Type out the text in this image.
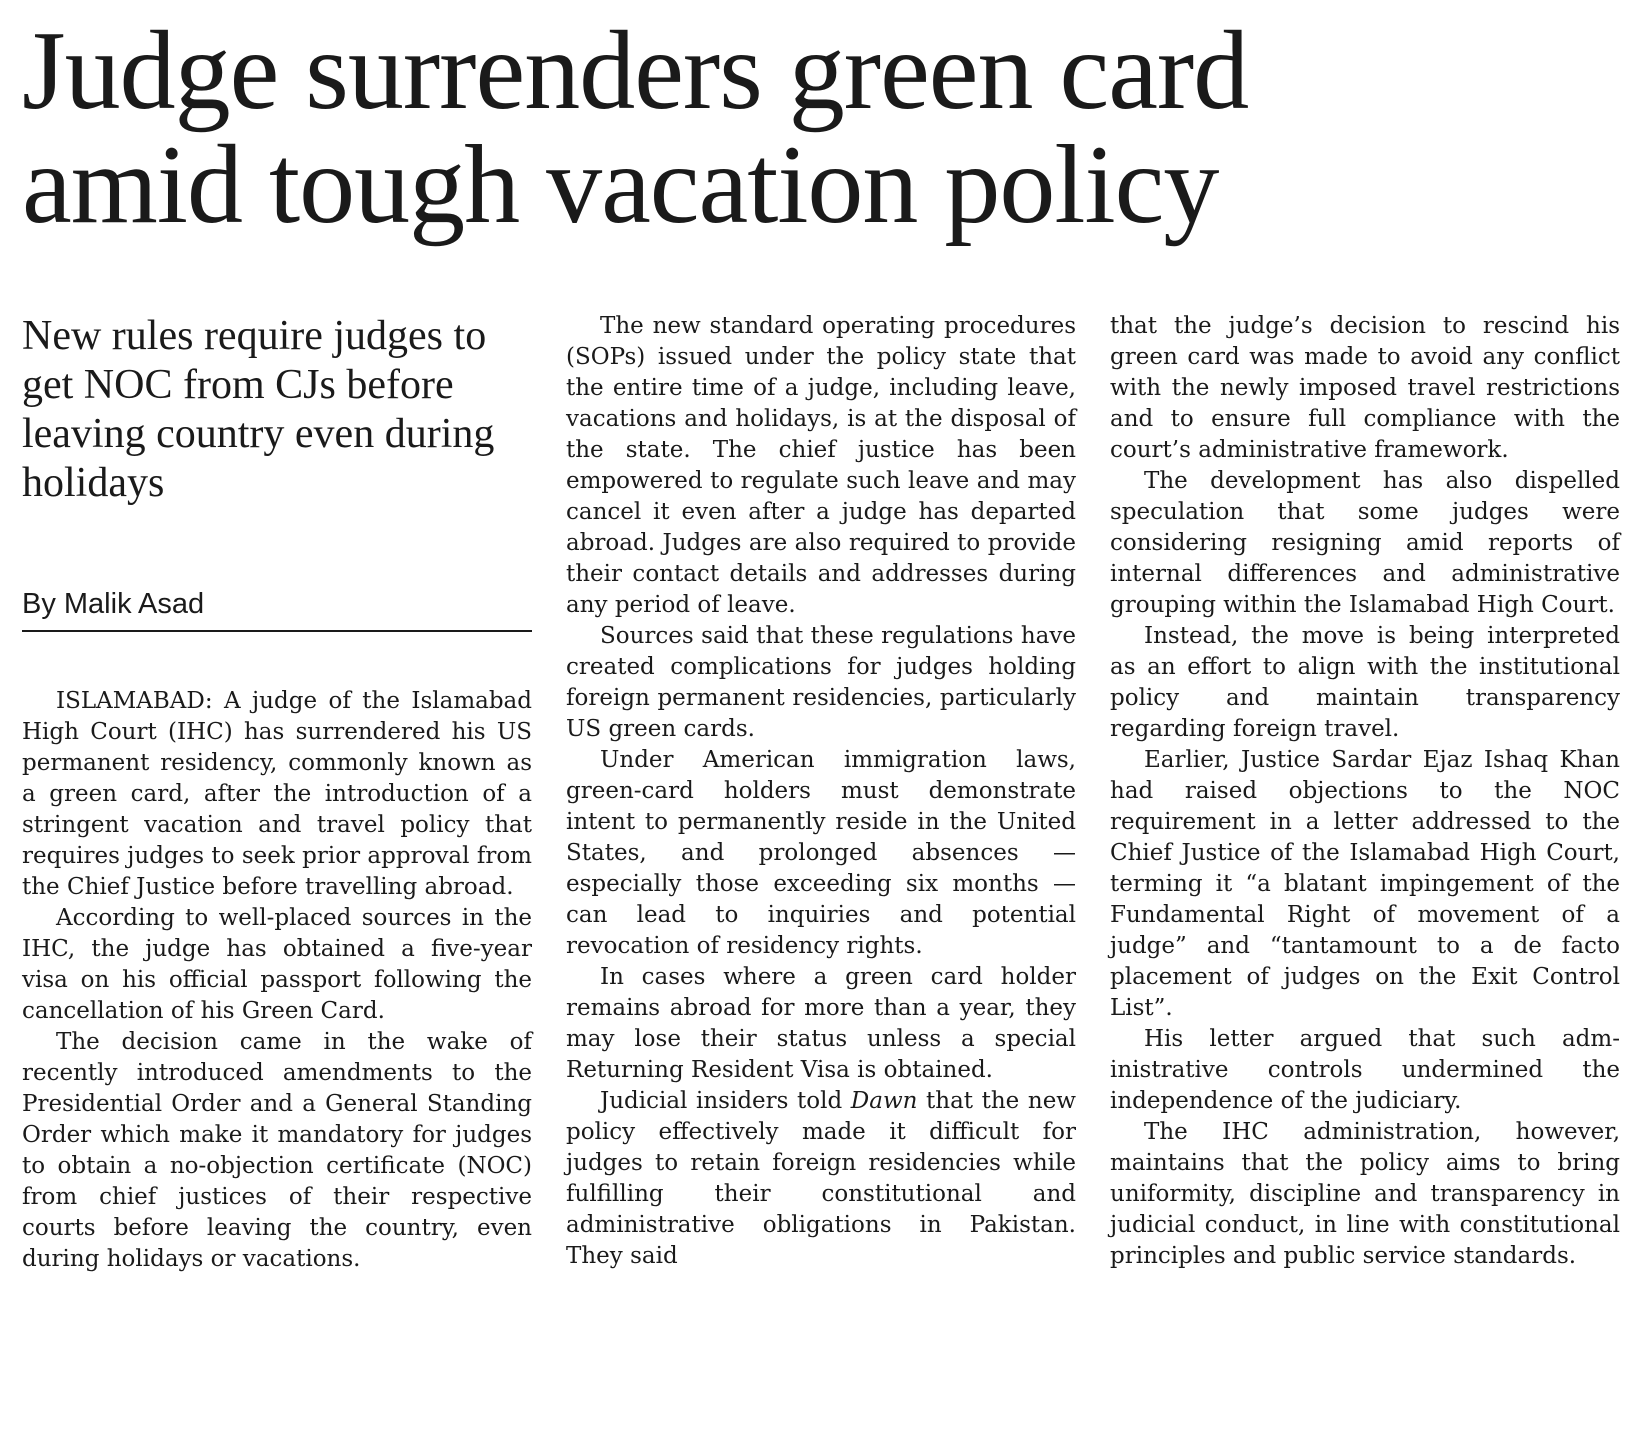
Judge surrenders green card
amid tough vacation policy

New rules require judges to get NOC from CJs before leaving country even during holidays

By Malik Asad

ISLAMABAD: A judge of the Islamabad High Court (IHC) has surrendered his US permanent residency, commonly known as a green card, after the introduction of a stringent vacation and travel policy that requires judges to seek prior approval from the Chief Justice before travelling abroad.

According to well-placed sources in the IHC, the judge has obtained a five-year visa on his official passport following the cancellation of his Green Card.

The decision came in the wake of recently introduced amendments to the Presidential Order and a General Standing Order which make it mandatory for judges to obtain a no-objection certificate (NOC) from chief justices of their respective courts before leaving the country, even during holidays or vacations.

The new standard operating procedures (SOPs) issued under the policy state that the entire time of a judge, including leave, vacations and holidays, is at the disposal of the state. The chief justice has been empowered to regulate such leave and may cancel it even after a judge has departed abroad. Judges are also required to provide their contact details and addresses during any period of leave.

Sources said that these regulations have created complications for judges holding foreign permanent residencies, particularly US green cards.

Under American immigration laws, green-card holders must demonstrate intent to permanently reside in the United States, and prolonged absences — especially those exceeding six months — can lead to inquiries and potential revocation of residency rights.

In cases where a green card holder remains abroad for more than a year, they may lose their status unless a special Returning Resident Visa is obtained.

Judicial insiders told Dawn that the new policy effectively made it difficult for judges to retain foreign residencies while fulfilling their constitutional and administrative obligations in Pakistan. They said

that the judge’s decision to rescind his green card was made to avoid any conflict with the newly imposed travel restrictions and to ensure full compliance with the court’s administrative framework.

The development has also dispelled speculation that some judges were considering resigning amid reports of internal differences and administrative grouping within the Islamabad High Court.

Instead, the move is being interpreted as an effort to align with the institutional policy and maintain transparency regarding foreign travel.

Earlier, Justice Sardar Ejaz Ishaq Khan had raised objections to the NOC requirement in a letter addressed to the Chief Justice of the Islamabad High Court, terming it “a blatant impingement of the Fundamental Right of movement of a judge” and “tantamount to a de facto placement of judges on the Exit Control List”.

His letter argued that such administrative controls undermined the independence of the judiciary.

The IHC administration, however, maintains that the policy aims to bring uniformity, discipline and transparency in judicial conduct, in line with constitutional principles and public service standards.
